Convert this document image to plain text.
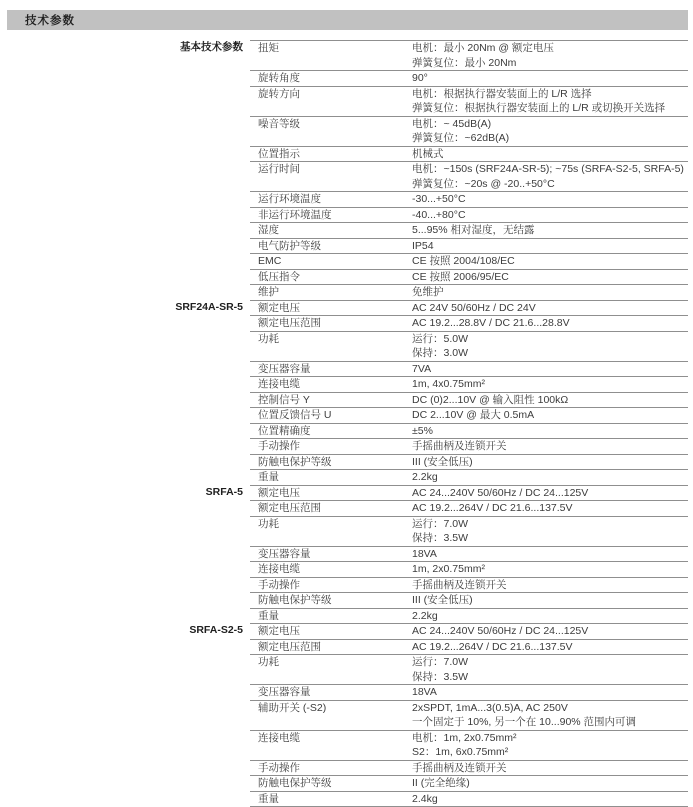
技术参数
基本技术参数	扭矩	电机：最小 20Nm @ 额定电压
弹簧复位：最小 20Nm
旋转角度	90°
旋转方向	电机：根据执行器安装面上的 L/R 选择
弹簧复位：根据执行器安装面上的 L/R 或切换开关选择
噪音等级	电机：~ 45dB(A)
弹簧复位：~62dB(A)
位置指示	机械式
运行时间	电机：~150s (SRF24A-SR-5); ~75s (SRFA-S2-5, SRFA-5)
弹簧复位：~20s @ -20..+50°C
运行环境温度	-30...+50°C
非运行环境温度	-40...+80°C
湿度	5...95% 相对湿度，无结露
电气防护等级	IP54
EMC	CE 按照 2004/108/EC
低压指令	CE 按照 2006/95/EC
维护	免维护
SRF24A-SR-5	额定电压	AC 24V 50/60Hz / DC 24V
额定电压范围	AC 19.2...28.8V / DC 21.6...28.8V
功耗	运行：5.0W
保持：3.0W
变压器容量	7VA
连接电缆	1m, 4x0.75mm²
控制信号 Y	DC (0)2...10V @ 输入阻性 100kΩ
位置反馈信号 U	DC 2...10V @ 最大 0.5mA
位置精确度	±5%
手动操作	手摇曲柄及连锁开关
防触电保护等级	III (安全低压)
重量	2.2kg
SRFA-5	额定电压	AC 24...240V 50/60Hz / DC 24...125V
额定电压范围	AC 19.2...264V / DC 21.6...137.5V
功耗	运行：7.0W
保持：3.5W
变压器容量	18VA
连接电缆	1m, 2x0.75mm²
手动操作	手摇曲柄及连锁开关
防触电保护等级	III (安全低压)
重量	2.2kg
SRFA-S2-5	额定电压	AC 24...240V 50/60Hz / DC 24...125V
额定电压范围	AC 19.2...264V / DC 21.6...137.5V
功耗	运行：7.0W
保持：3.5W
变压器容量	18VA
辅助开关 (-S2)	2xSPDT, 1mA...3(0.5)A, AC 250V
一个固定于 10%, 另一个在 10...90% 范围内可调
连接电缆	电机：1m, 2x0.75mm²
S2：1m, 6x0.75mm²
手动操作	手摇曲柄及连锁开关
防触电保护等级	II (完全绝缘)
重量	2.4kg
